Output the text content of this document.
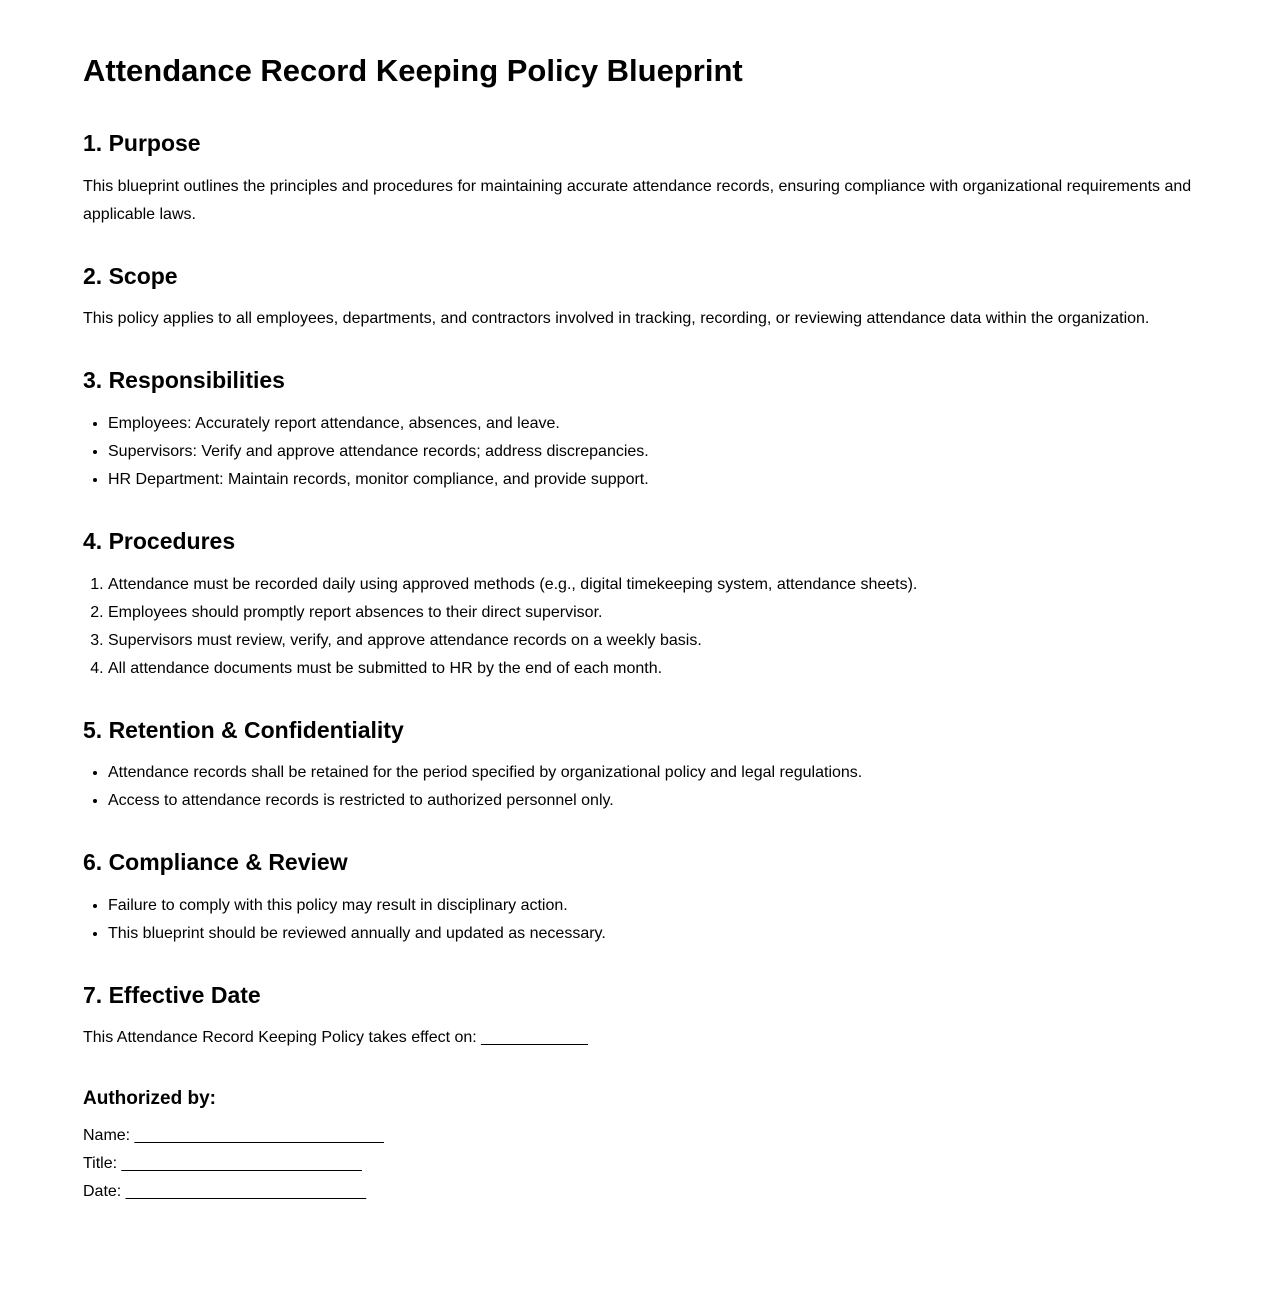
Attendance Record Keeping Policy Blueprint
1. Purpose

This blueprint outlines the principles and procedures for maintaining accurate attendance records, ensuring compliance with organizational requirements and applicable laws.

2. Scope

This policy applies to all employees, departments, and contractors involved in tracking, recording, or reviewing attendance data within the organization.

3. Responsibilities
• Employees: Accurately report attendance, absences, and leave.
• Supervisors: Verify and approve attendance records; address discrepancies.
• HR Department: Maintain records, monitor compliance, and provide support.
4. Procedures
1. Attendance must be recorded daily using approved methods (e.g., digital timekeeping system, attendance sheets).
2. Employees should promptly report absences to their direct supervisor.
3. Supervisors must review, verify, and approve attendance records on a weekly basis.
4. All attendance documents must be submitted to HR by the end of each month.
5. Retention & Confidentiality
• Attendance records shall be retained for the period specified by organizational policy and legal regulations.
• Access to attendance records is restricted to authorized personnel only.
6. Compliance & Review
• Failure to comply with this policy may result in disciplinary action.
• This blueprint should be reviewed annually and updated as necessary.
7. Effective Date

This Attendance Record Keeping Policy takes effect on: ____________

Authorized by:

Name: ____________________________

Title: ___________________________

Date: ___________________________
